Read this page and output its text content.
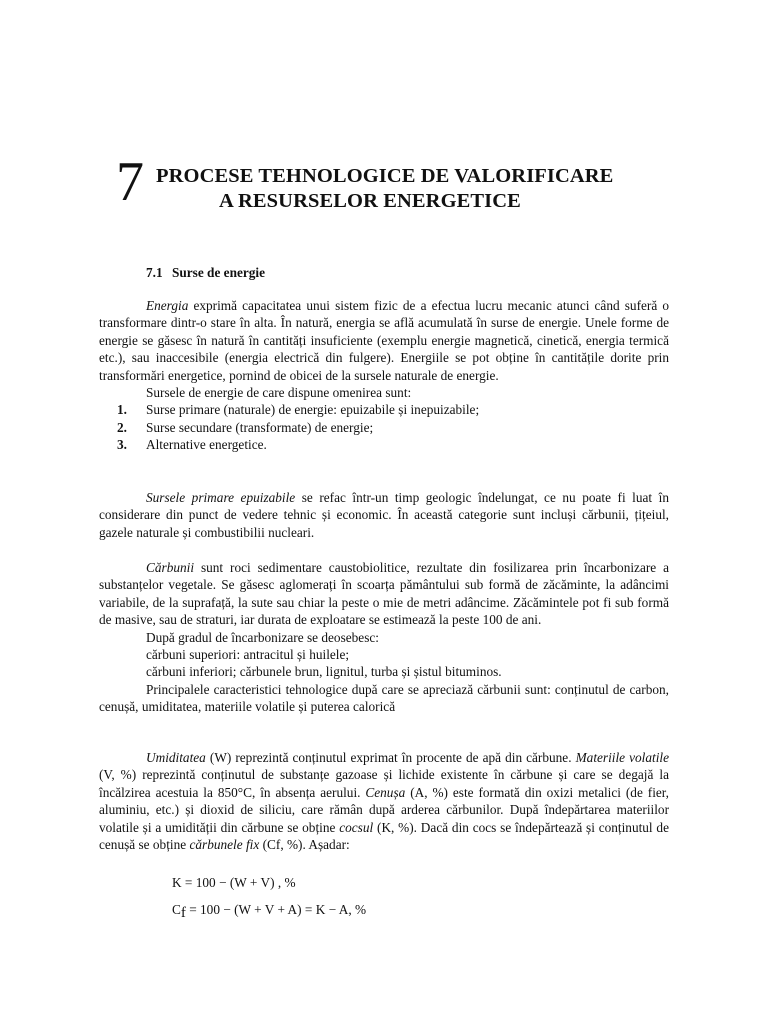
7 PROCESE TEHNOLOGICE DE VALORIFICARE
A RESURSELOR ENERGETICE
7.1 Surse de energie

Energia exprimă capacitatea unui sistem fizic de a efectua lucru mecanic atunci când suferă o transformare dintr-o stare în alta. În natură, energia se află acumulată în surse de energie. Unele forme de energie se găsesc în natură în cantități insuficiente (exemplu energie magnetică, cinetică, energia termică etc.), sau inaccesibile (energia electrică din fulgere). Energiile se pot obține în cantitățile dorite prin transformări energetice, pornind de obicei de la sursele naturale de energie.

Sursele de energie de care dispune omenirea sunt:

1. Surse primare (naturale) de energie: epuizabile și inepuizabile;
2. Surse secundare (transformate) de energie;
3. Alternative energetice.

Sursele primare epuizabile se refac într-un timp geologic îndelungat, ce nu poate fi luat în considerare din punct de vedere tehnic și economic. În această categorie sunt incluși cărbunii, țițeiul, gazele naturale și combustibilii nucleari.

Cărbunii sunt roci sedimentare caustobiolitice, rezultate din fosilizarea prin încarbonizare a substanțelor vegetale. Se găsesc aglomerați în scoarța pământului sub formă de zăcăminte, la adâncimi variabile, de la suprafață, la sute sau chiar la peste o mie de metri adâncime. Zăcămintele pot fi sub formă de masive, sau de straturi, iar durata de exploatare se estimează la peste 100 de ani.

După gradul de încarbonizare se deosebesc:

cărbuni superiori: antracitul și huilele;

cărbuni inferiori; cărbunele brun, lignitul, turba și șistul bituminos.

Principalele caracteristici tehnologice după care se apreciază cărbunii sunt: conținutul de carbon, cenușă, umiditatea, materiile volatile și puterea calorică

Umiditatea (W) reprezintă conținutul exprimat în procente de apă din cărbune. Materiile volatile (V, %) reprezintă conținutul de substanțe gazoase și lichide existente în cărbune și care se degajă la încălzirea acestuia la 850°C, în absența aerului. Cenușa (A, %) este formată din oxizi metalici (de fier, aluminiu, etc.) și dioxid de siliciu, care rămân după arderea cărbunilor. După îndepărtarea materiilor volatile și a umidității din cărbune se obține cocsul (K, %). Dacă din cocs se îndepărtează și conținutul de cenușă se obține cărbunele fix (Cf, %). Așadar:

K = 100 − (W + V) , %
Cf = 100 − (W + V + A) = K − A, %
